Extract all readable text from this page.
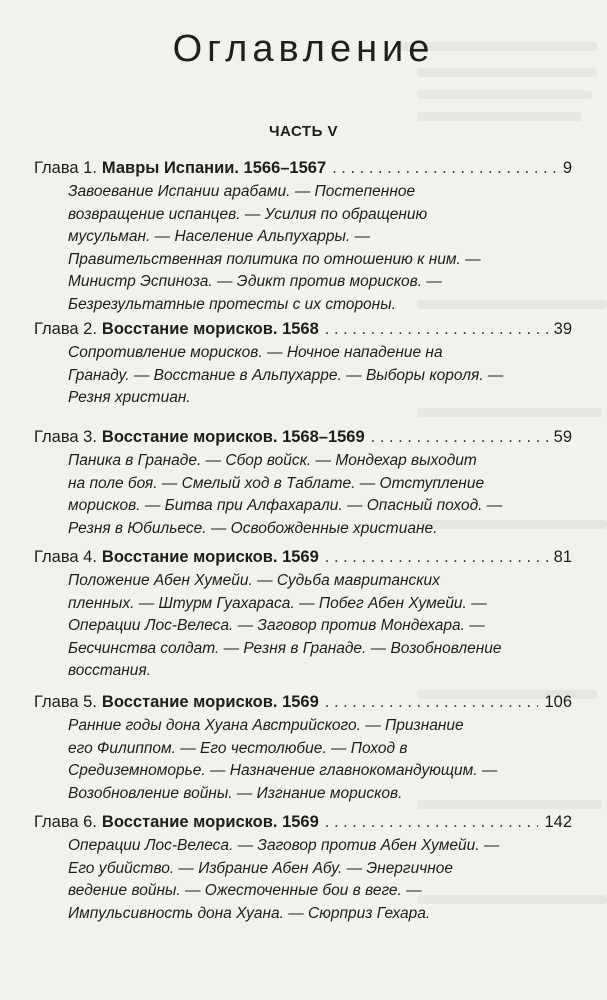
Оглавление
ЧАСТЬ V
Глава 1. Мавры Испании. 1566–1567 . . .	9
Завоевание Испании арабами. — Постепенное
возвращение испанцев. — Усилия по обращению
мусульман. — Население Альпухарры. —
Правительственная политика по отношению к ним. —
Министр Эспиноза. — Эдикт против морисков. —
Безрезультатные протесты с их стороны.
Глава 2. Восстание морисков. 1568 . . .	39
Сопротивление морисков. — Ночное нападение на
Гранаду. — Восстание в Альпухарре. — Выборы короля. —
Резня христиан.
Глава 3. Восстание морисков. 1568–1569 . . .	59
Паника в Гранаде. — Сбор войск. — Мондехар выходит
на поле боя. — Смелый ход в Таблате. — Отступление
морисков. — Битва при Алфахарали. — Опасный поход. —
Резня в Юбильесе. — Освобожденные христиане.
Глава 4. Восстание морисков. 1569 . . .	81
Положение Абен Хумейи. — Судьба мавританских
пленных. — Штурм Гуахараса. — Побег Абен Хумейи. —
Операции Лос-Велеса. — Заговор против Мондехара. —
Бесчинства солдат. — Резня в Гранаде. — Возобновление
восстания.
Глава 5. Восстание морисков. 1569 . . .	106
Ранние годы дона Хуана Австрийского. — Признание
его Филиппом. — Его честолюбие. — Поход в
Средиземноморье. — Назначение главнокомандующим. —
Возобновление войны. — Изгнание морисков.
Глава 6. Восстание морисков. 1569 . . .	142
Операции Лос-Велеса. — Заговор против Абен Хумейи. —
Его убийство. — Избрание Абен Абу. — Энергичное
ведение войны. — Ожесточенные бои в веге. —
Импульсивность дона Хуана. — Сюрприз Гехара.
